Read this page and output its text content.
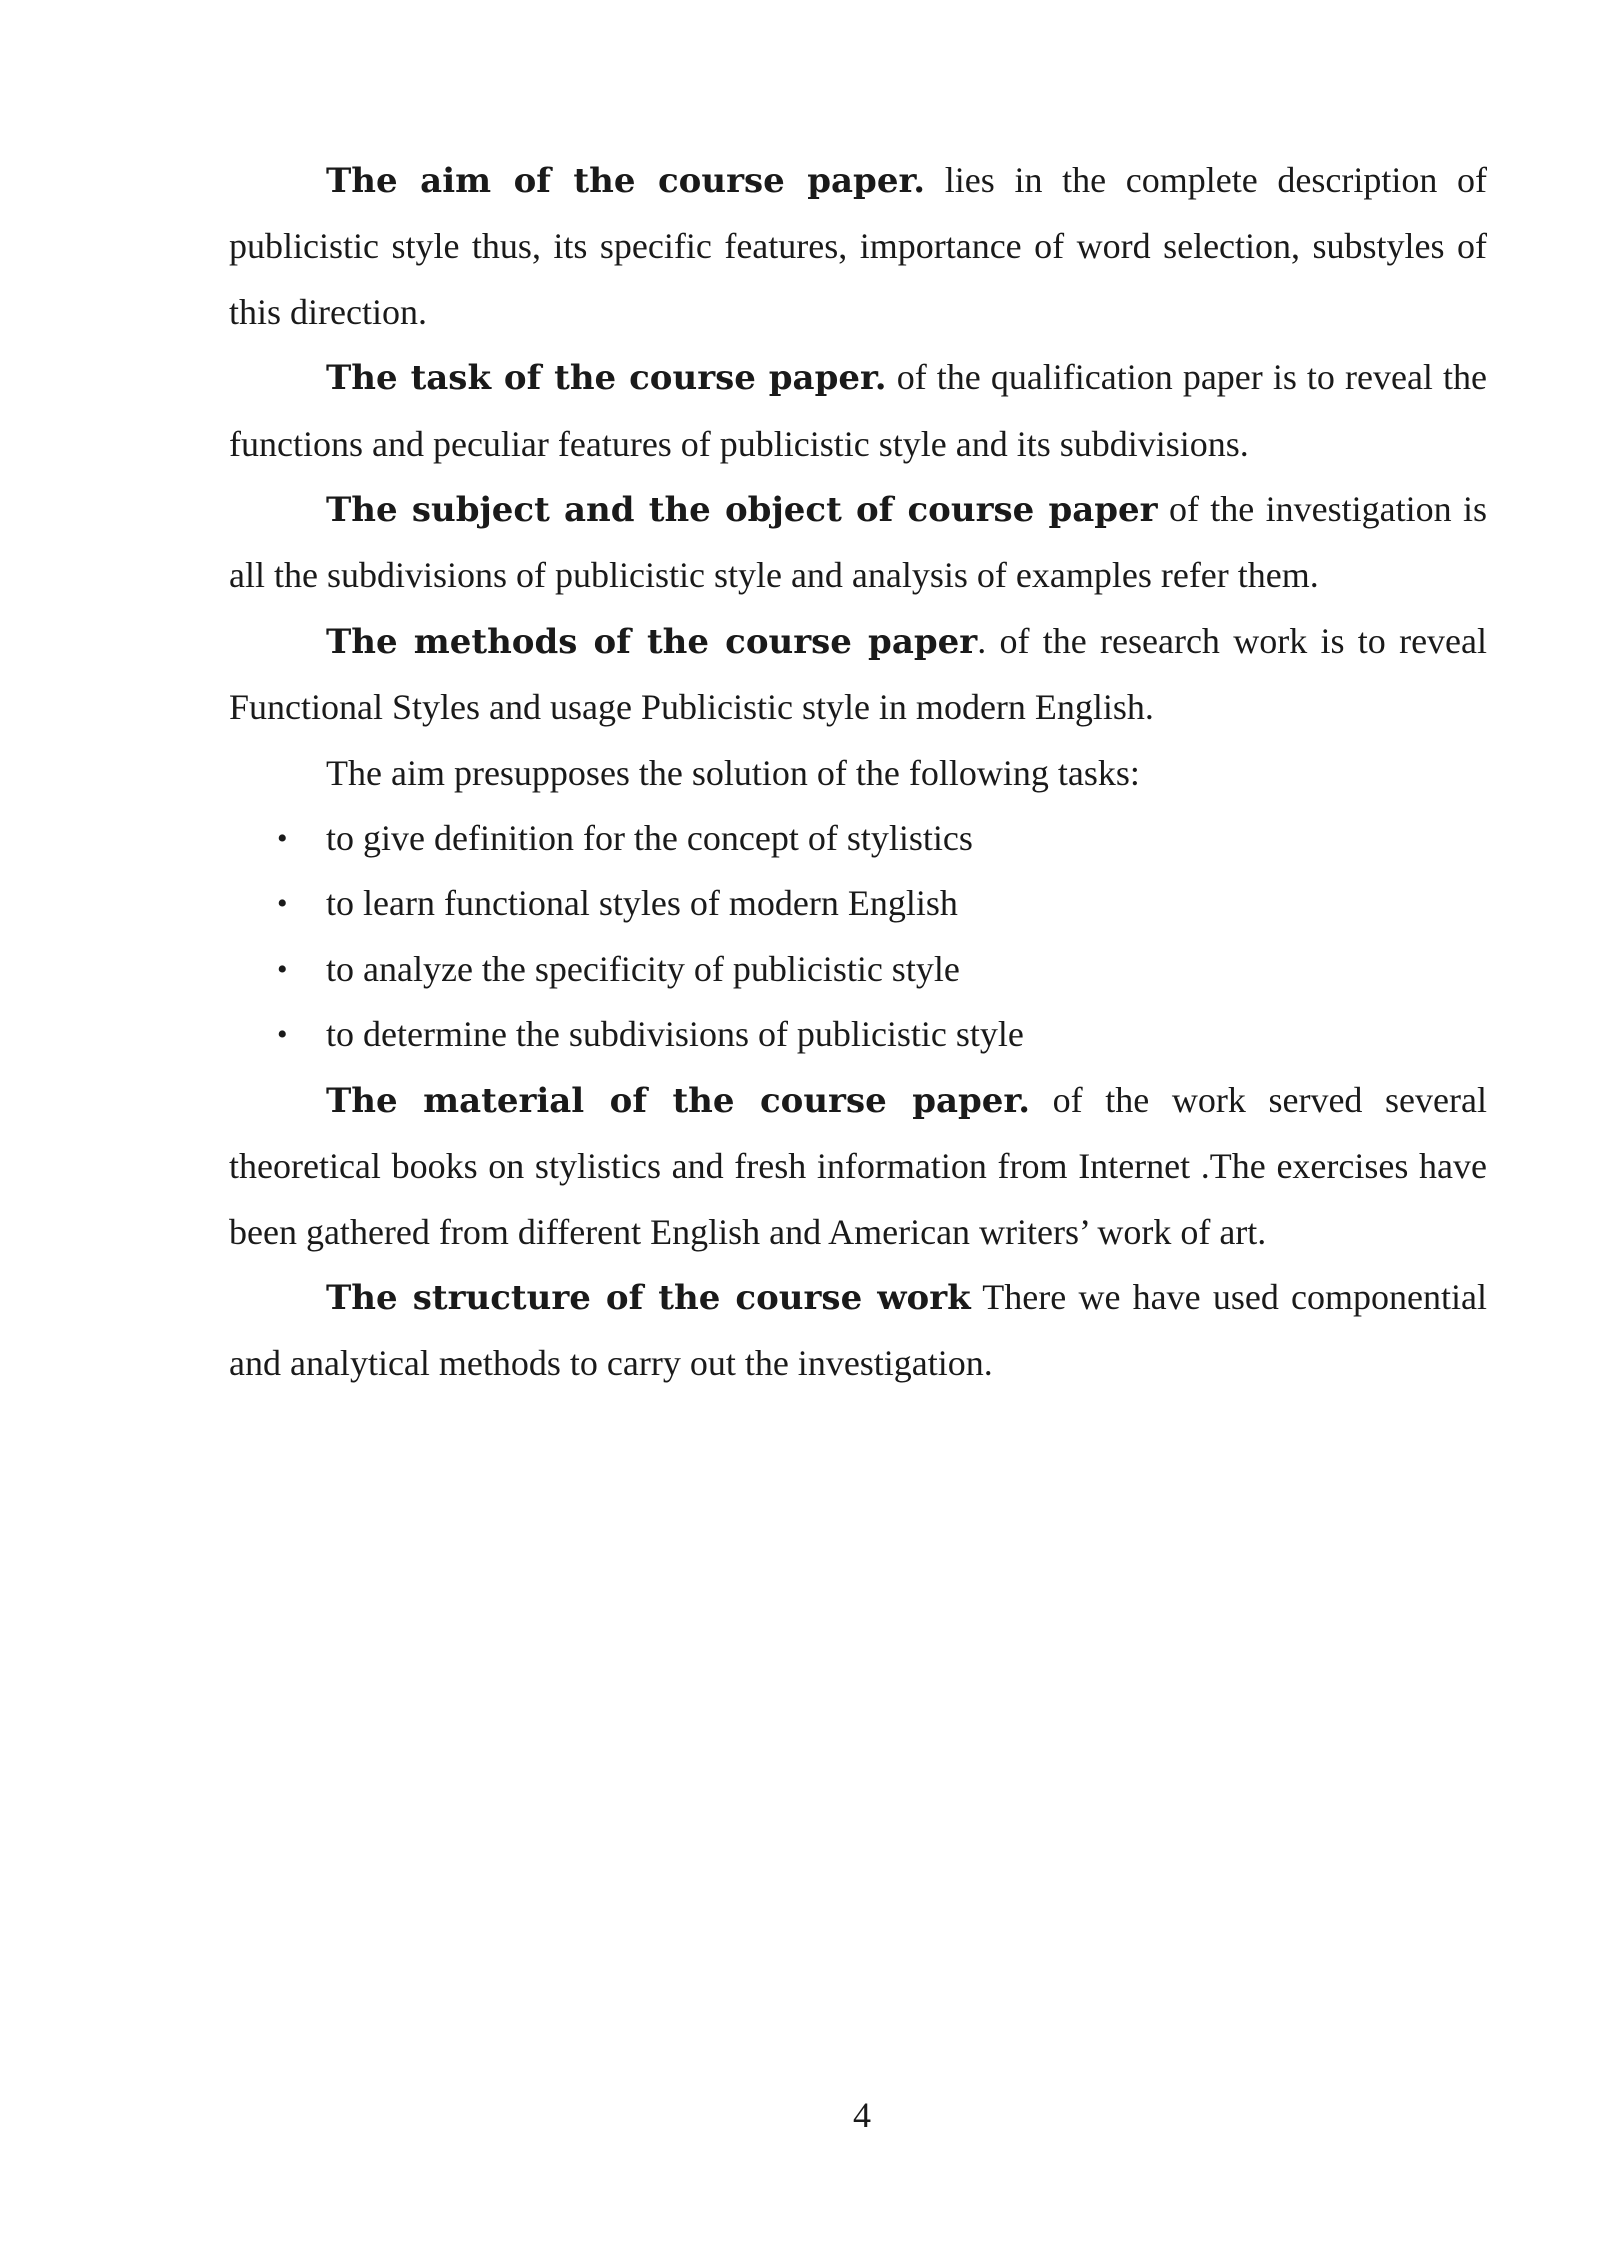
The aim of the course paper. lies in the complete description of publicistic style thus, its specific features, importance of word selection, substyles of this direction.

The task of the course paper. of the qualification paper is to reveal the functions and peculiar features of publicistic style and its subdivisions.

The subject and the object of course paper of the investigation is all the subdivisions of publicistic style and analysis of examples refer them.

The methods of the course paper. of the research work is to reveal Functional Styles and usage Publicistic style in modern English.

The aim presupposes the solution of the following tasks:

• to give definition for the concept of stylistics
• to learn functional styles of modern English
• to analyze the specificity of publicistic style
• to determine the subdivisions of publicistic style

The material of the course paper. of the work served several theoretical books on stylistics and fresh information from Internet .The exercises have been gathered from different English and American writers’ work of art.

The structure of the course work There we have used componential and analytical methods to carry out the investigation.

4
